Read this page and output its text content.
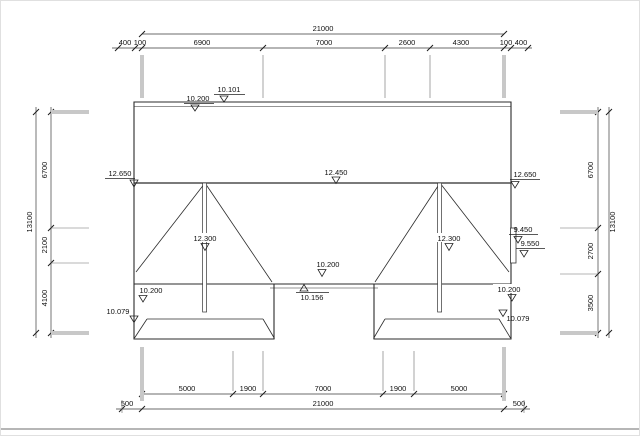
21000
400 100	6900	7000	2600	4300	100 400
5000	1900	7000	1900	5000
500	21000	500
13100
6700
2100
4100
6700
2700
3500
13100
10.200
10.101
12.650	12.450	12.650
12.300	12.300
10.200
10.156
10.200
10.079
9.450
9.550
10.200
10.079
